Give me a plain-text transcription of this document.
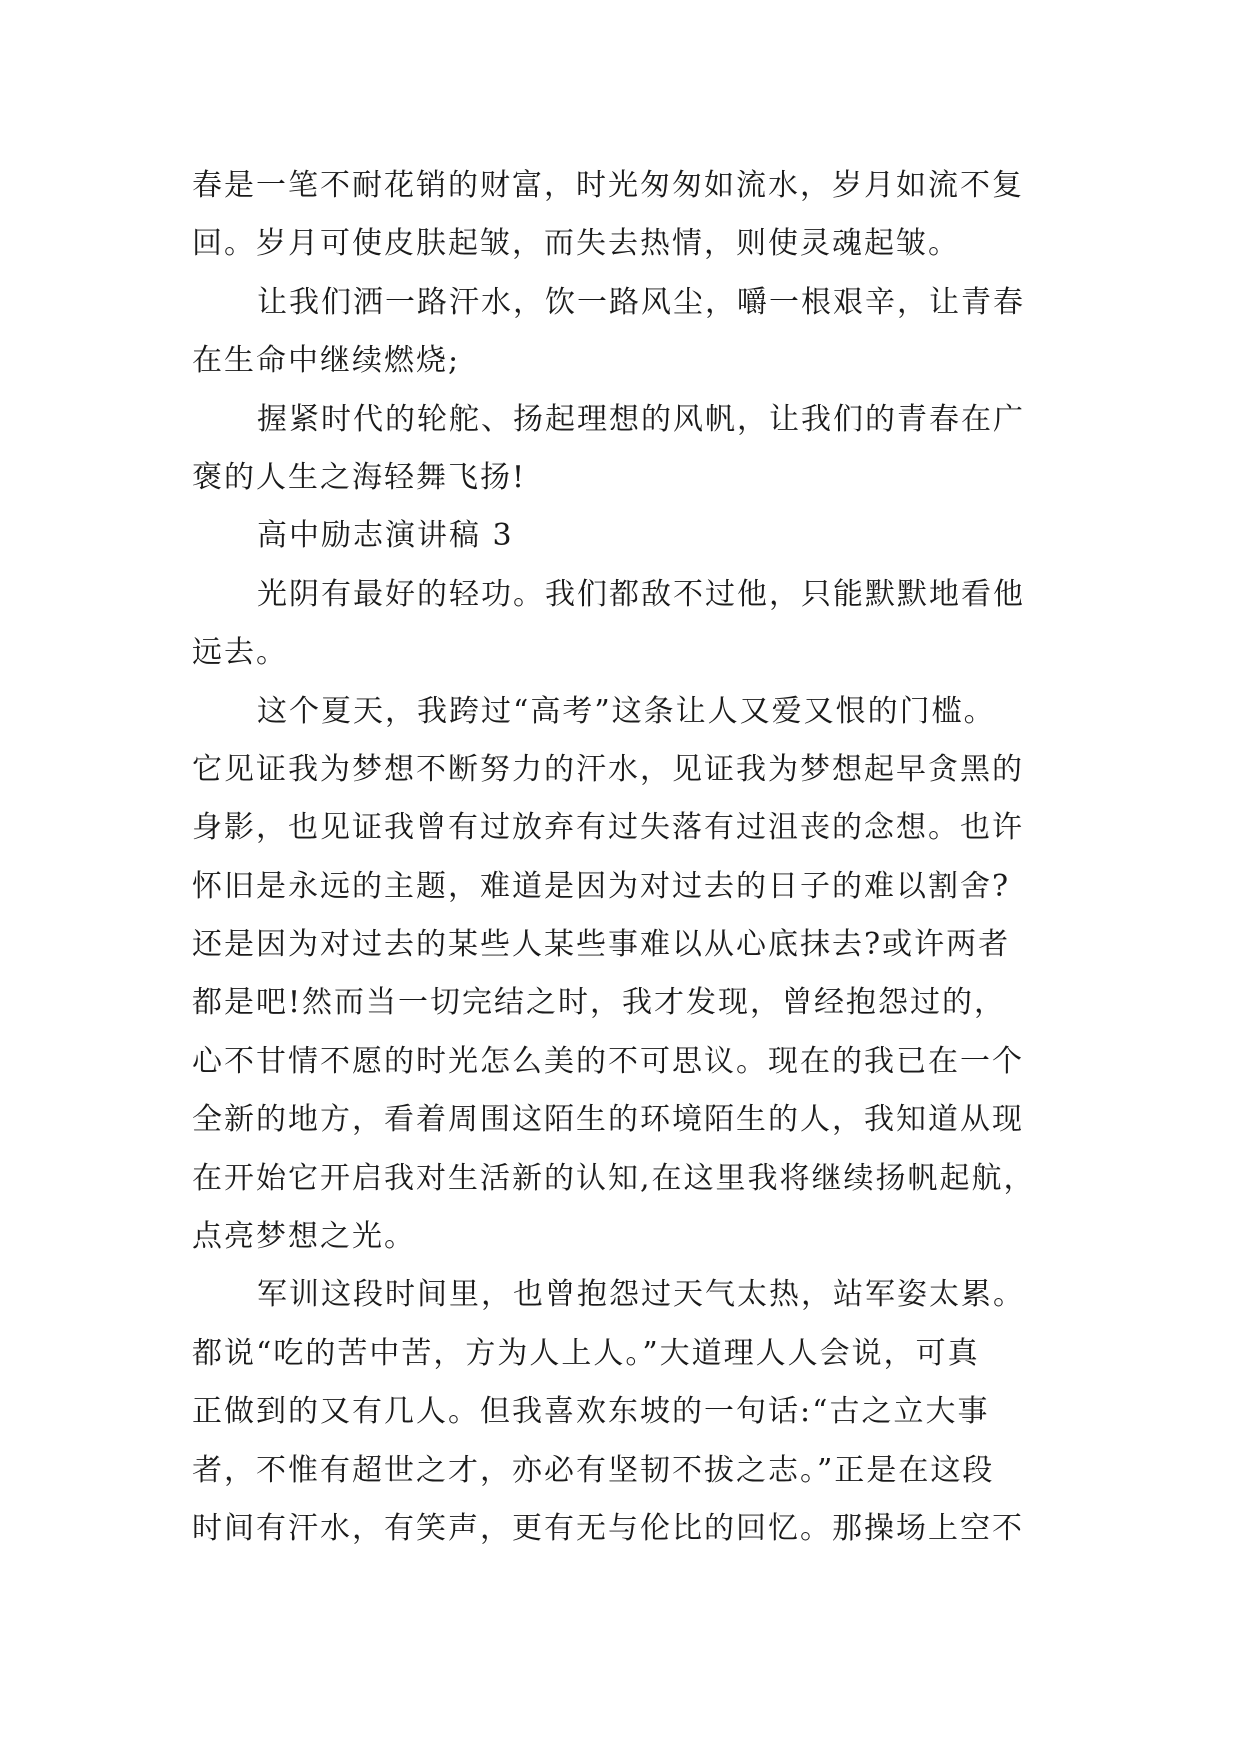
春是一笔不耐花销的财富，时光匆匆如流水，岁月如流不复
回。岁月可使皮肤起皱，而失去热情，则使灵魂起皱。
让我们洒一路汗水，饮一路风尘，嚼一根艰辛，让青春
在生命中继续燃烧;
握紧时代的轮舵、扬起理想的风帆，让我们的青春在广
褒的人生之海轻舞飞扬!
高中励志演讲稿 3
光阴有最好的轻功。我们都敌不过他，只能默默地看他
远去。
这个夏天，我跨过“高考”这条让人又爱又恨的门槛。
它见证我为梦想不断努力的汗水，见证我为梦想起早贪黑的
身影，也见证我曾有过放弃有过失落有过沮丧的念想。也许
怀旧是永远的主题，难道是因为对过去的日子的难以割舍?
还是因为对过去的某些人某些事难以从心底抹去?或许两者
都是吧!然而当一切完结之时，我才发现，曾经抱怨过的，
心不甘情不愿的时光怎么美的不可思议。现在的我已在一个
全新的地方，看着周围这陌生的环境陌生的人，我知道从现
在开始它开启我对生活新的认知,在这里我将继续扬帆起航，
点亮梦想之光。
军训这段时间里，也曾抱怨过天气太热，站军姿太累。
都说“吃的苦中苦，方为人上人。”大道理人人会说，可真
正做到的又有几人。但我喜欢东坡的一句话:“古之立大事
者，不惟有超世之才，亦必有坚韧不拔之志。”正是在这段
时间有汗水，有笑声，更有无与伦比的回忆。那操场上空不
